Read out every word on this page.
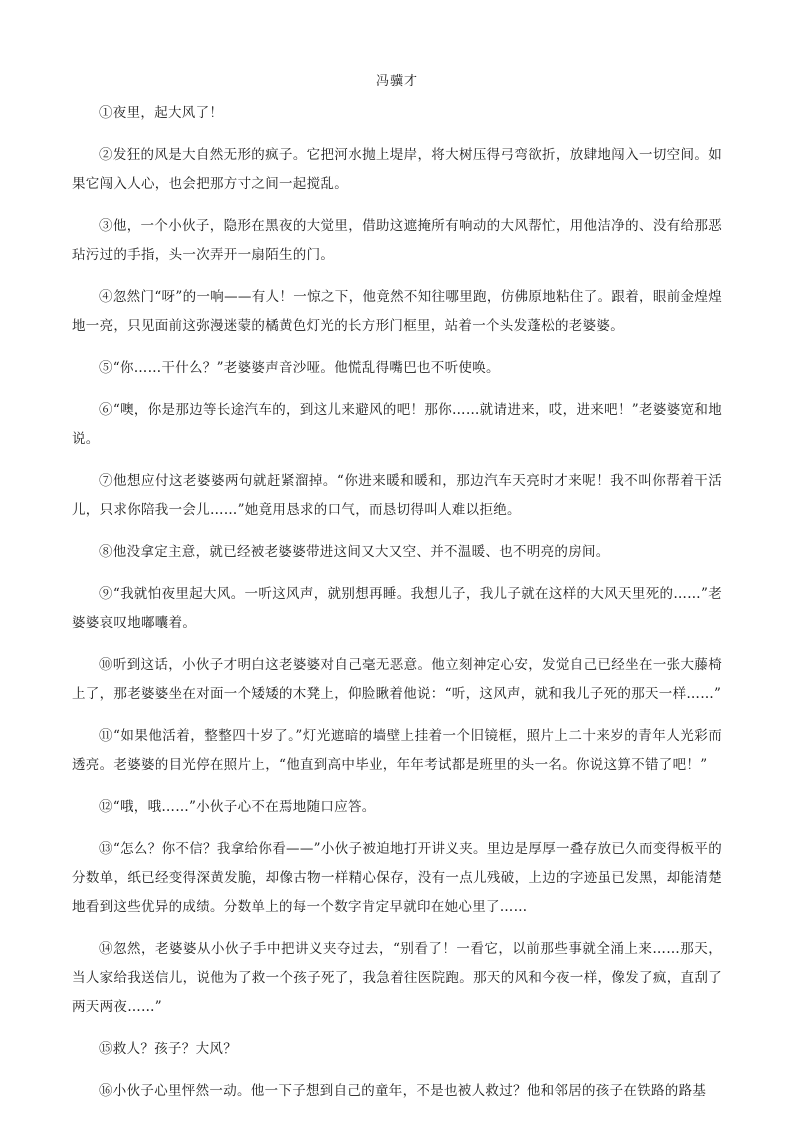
冯骥才

①夜里，起大风了！

②发狂的风是大自然无形的疯子。它把河水抛上堤岸，将大树压得弓弯欲折，放肆地闯入一切空间。如果它闯入人心，也会把那方寸之间一起搅乱。

③他，一个小伙子，隐形在黑夜的大觉里，借助这遮掩所有响动的大风帮忙，用他洁净的、没有给那恶玷污过的手指，头一次弄开一扇陌生的门。

④忽然门“呀”的一响——有人！一惊之下，他竟然不知往哪里跑，仿佛原地粘住了。跟着，眼前金煌煌地一亮，只见面前这弥漫迷蒙的橘黄色灯光的长方形门框里，站着一个头发蓬松的老婆婆。

⑤“你……干什么？”老婆婆声音沙哑。他慌乱得嘴巴也不听使唤。

⑥“噢，你是那边等长途汽车的，到这儿来避风的吧！那你……就请进来，哎，进来吧！”老婆婆宽和地说。

⑦他想应付这老婆婆两句就赶紧溜掉。“你进来暖和暖和，那边汽车天亮时才来呢！我不叫你帮着干活儿，只求你陪我一会儿……”她竟用恳求的口气，而恳切得叫人难以拒绝。

⑧他没拿定主意，就已经被老婆婆带进这间又大又空、并不温暖、也不明亮的房间。

⑨“我就怕夜里起大风。一听这风声，就别想再睡。我想儿子，我儿子就在这样的大风天里死的……”老婆婆哀叹地嘟囔着。

⑩听到这话，小伙子才明白这老婆婆对自己毫无恶意。他立刻神定心安，发觉自己已经坐在一张大藤椅上了，那老婆婆坐在对面一个矮矮的木凳上，仰脸瞅着他说：“听，这风声，就和我儿子死的那天一样……”

⑪“如果他活着，整整四十岁了。”灯光遮暗的墙壁上挂着一个旧镜框，照片上二十来岁的青年人光彩而透亮。老婆婆的目光停在照片上，“他直到高中毕业，年年考试都是班里的头一名。你说这算不错了吧！”

⑫“哦，哦……”小伙子心不在焉地随口应答。

⑬“怎么？你不信？我拿给你看——”小伙子被迫地打开讲义夹。里边是厚厚一叠存放已久而变得板平的分数单，纸已经变得深黄发脆，却像古物一样精心保存，没有一点儿残破，上边的字迹虽已发黑，却能清楚地看到这些优异的成绩。分数单上的每一个数字肯定早就印在她心里了……

⑭忽然，老婆婆从小伙子手中把讲义夹夺过去，“别看了！一看它，以前那些事就全涌上来……那天，当人家给我送信儿，说他为了救一个孩子死了，我急着往医院跑。那天的风和今夜一样，像发了疯，直刮了两天两夜……”

⑮救人？孩子？大风？

⑯小伙子心里怦然一动。他一下子想到自己的童年，不是也被人救过？他和邻居的孩子在铁路的路基
